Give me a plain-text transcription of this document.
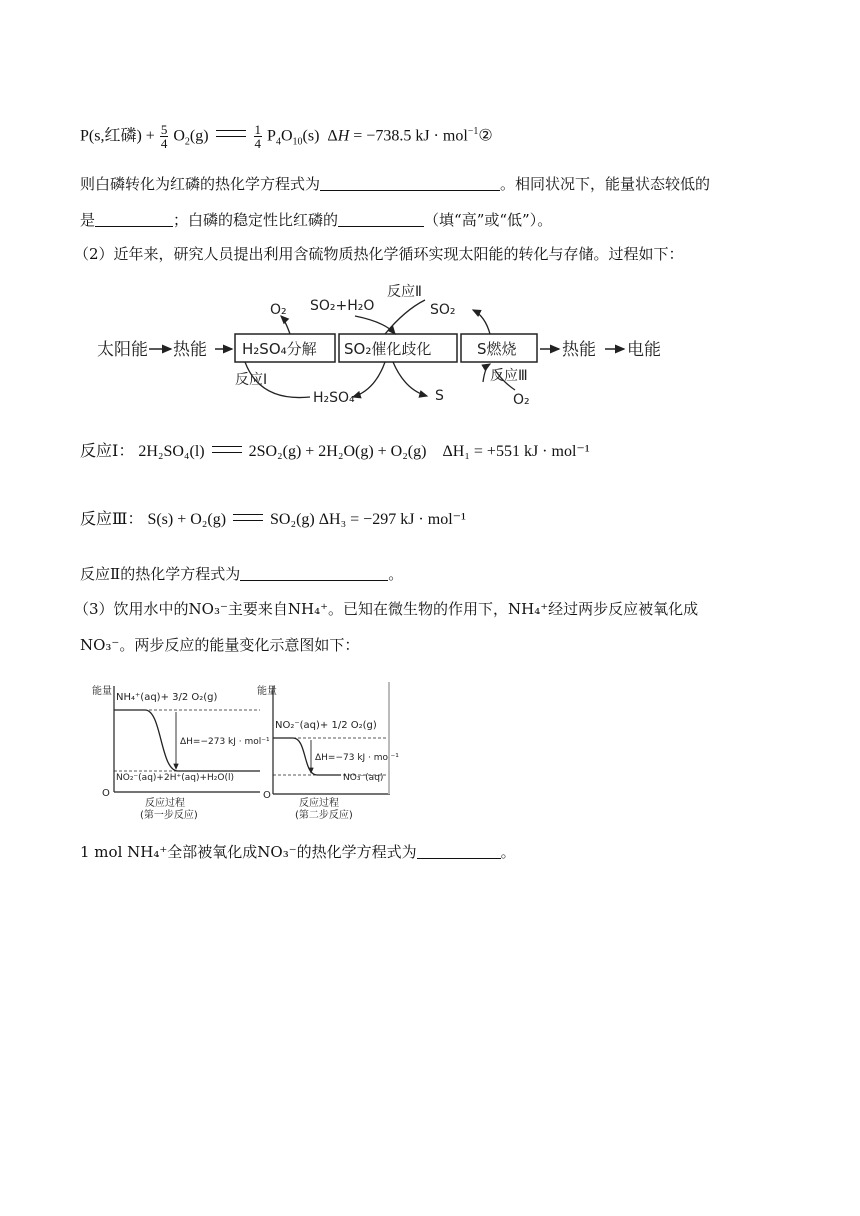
P(s,红磷) + $\frac{5}{4} O_2(g)$	$\frac{1}{4} P_4O_{10}(s) \Delta H = -738.5$ kJ · mol$^{-1}$②
则白磷转化为红磷的热化学方程式为	。相同状况下，能量状态较低的
是	；白磷的稳定性比红磷的	（填“高”或“低”）。
（2）近年来，研究人员提出利用含硫物质热化学循环实现太阳能的转化与存储。过程如下：
太阳能 热能	热能 电能
H₂SO₄分解 SO₂催化歧化	S燃烧
O₂ SO₂+H₂O
反应Ⅱ
SO₂
反应Ⅰ
H₂SO₄	S
反应Ⅲ
O₂
反应Ⅰ： 2H₂SO₄(l)	2SO₂(g) + 2H₂O(g) + O₂(g) ΔH₁ = +551 kJ · mol⁻¹
反应Ⅲ： S(s) + O₂(g)	SO₂(g) ΔH₃ = −297 kJ · mol⁻¹
反应Ⅱ的热化学方程式为	。
（3）饮用水中的NO₃⁻主要来自NH₄⁺。已知在微生物的作用下，NH₄⁺经过两步反应被氧化成
NO₃⁻。两步反应的能量变化示意图如下：
能量
O
NH₄⁺(aq)+ 3/2 O₂(g)
ΔH=−273 kJ · mol⁻¹
NO₂⁻(aq)+2H⁺(aq)+H₂O(l)
反应过程
(第一步反应)
能量
O
NO₂⁻(aq)+ 1/2 O₂(g)
ΔH=−73 kJ · mol⁻¹
NO₃⁻(aq)
反应过程
(第二步反应)
1 mol NH₄⁺全部被氧化成NO₃⁻的热化学方程式为	。
